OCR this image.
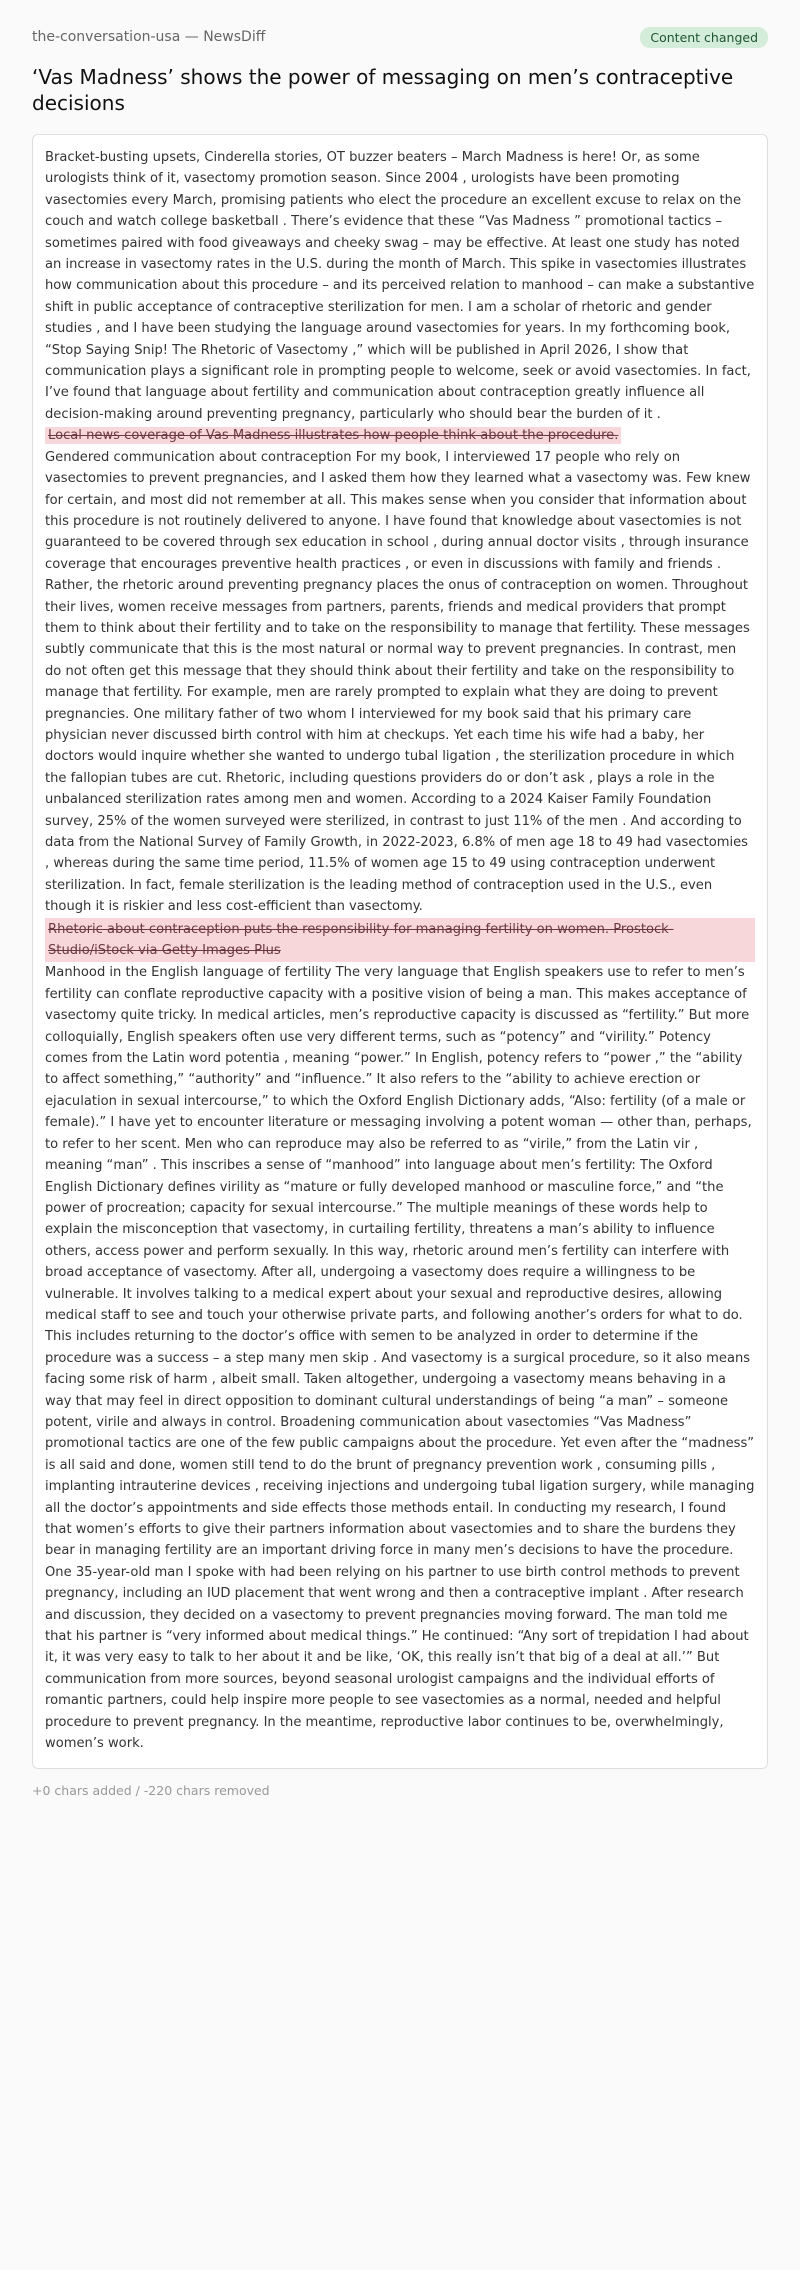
the-conversation-usa — NewsDiff	Content changed
‘Vas Madness’ shows the power of messaging on men’s contraceptive decisions

Bracket-busting upsets, Cinderella stories, OT buzzer beaters – March Madness is here! Or, as some urologists think of it, vasectomy promotion season. Since 2004 , urologists have been promoting vasectomies every March, promising patients who elect the procedure an excellent excuse to relax on the couch and watch college basketball . There’s evidence that these “Vas Madness ” promotional tactics – sometimes paired with food giveaways and cheeky swag – may be effective. At least one study has noted an increase in vasectomy rates in the U.S. during the month of March. This spike in vasectomies illustrates how communication about this procedure – and its perceived relation to manhood – can make a substantive shift in public acceptance of contraceptive sterilization for men. I am a scholar of rhetoric and gender studies , and I have been studying the language around vasectomies for years. In my forthcoming book, “Stop Saying Snip! The Rhetoric of Vasectomy ,” which will be published in April 2026, I show that communication plays a significant role in prompting people to welcome, seek or avoid vasectomies. In fact, I’ve found that language about fertility and communication about contraception greatly influence all decision-making around preventing pregnancy, particularly who should bear the burden of it .

Local news coverage of Vas Madness illustrates how people think about the procedure.

Gendered communication about contraception For my book, I interviewed 17 people who rely on vasectomies to prevent pregnancies, and I asked them how they learned what a vasectomy was. Few knew for certain, and most did not remember at all. This makes sense when you consider that information about this procedure is not routinely delivered to anyone. I have found that knowledge about vasectomies is not guaranteed to be covered through sex education in school , during annual doctor visits , through insurance coverage that encourages preventive health practices , or even in discussions with family and friends . Rather, the rhetoric around preventing pregnancy places the onus of contraception on women. Throughout their lives, women receive messages from partners, parents, friends and medical providers that prompt them to think about their fertility and to take on the responsibility to manage that fertility. These messages subtly communicate that this is the most natural or normal way to prevent pregnancies. In contrast, men do not often get this message that they should think about their fertility and take on the responsibility to manage that fertility. For example, men are rarely prompted to explain what they are doing to prevent pregnancies. One military father of two whom I interviewed for my book said that his primary care physician never discussed birth control with him at checkups. Yet each time his wife had a baby, her doctors would inquire whether she wanted to undergo tubal ligation , the sterilization procedure in which the fallopian tubes are cut. Rhetoric, including questions providers do or don’t ask , plays a role in the unbalanced sterilization rates among men and women. According to a 2024 Kaiser Family Foundation survey, 25% of the women surveyed were sterilized, in contrast to just 11% of the men . And according to data from the National Survey of Family Growth, in 2022-2023, 6.8% of men age 18 to 49 had vasectomies , whereas during the same time period, 11.5% of women age 15 to 49 using contraception underwent sterilization. In fact, female sterilization is the leading method of contraception used in the U.S., even though it is riskier and less cost-efficient than vasectomy.

Rhetoric about contraception puts the responsibility for managing fertility on women. Prostock-Studio/iStock via Getty Images Plus

Manhood in the English language of fertility The very language that English speakers use to refer to men’s fertility can conflate reproductive capacity with a positive vision of being a man. This makes acceptance of vasectomy quite tricky. In medical articles, men’s reproductive capacity is discussed as “fertility.” But more colloquially, English speakers often use very different terms, such as “potency” and “virility.” Potency comes from the Latin word potentia , meaning “power.” In English, potency refers to “power ,” the “ability to affect something,” “authority” and “influence.” It also refers to the “ability to achieve erection or ejaculation in sexual intercourse,” to which the Oxford English Dictionary adds, “Also: fertility (of a male or female).” I have yet to encounter literature or messaging involving a potent woman — other than, perhaps, to refer to her scent. Men who can reproduce may also be referred to as “virile,” from the Latin vir , meaning “man” . This inscribes a sense of “manhood” into language about men’s fertility: The Oxford English Dictionary defines virility as “mature or fully developed manhood or masculine force,” and “the power of procreation; capacity for sexual intercourse.” The multiple meanings of these words help to explain the misconception that vasectomy, in curtailing fertility, threatens a man’s ability to influence others, access power and perform sexually. In this way, rhetoric around men’s fertility can interfere with broad acceptance of vasectomy. After all, undergoing a vasectomy does require a willingness to be vulnerable. It involves talking to a medical expert about your sexual and reproductive desires, allowing medical staff to see and touch your otherwise private parts, and following another’s orders for what to do. This includes returning to the doctor’s office with semen to be analyzed in order to determine if the procedure was a success – a step many men skip . And vasectomy is a surgical procedure, so it also means facing some risk of harm , albeit small. Taken altogether, undergoing a vasectomy means behaving in a way that may feel in direct opposition to dominant cultural understandings of being “a man” – someone potent, virile and always in control. Broadening communication about vasectomies “Vas Madness” promotional tactics are one of the few public campaigns about the procedure. Yet even after the “madness” is all said and done, women still tend to do the brunt of pregnancy prevention work , consuming pills , implanting intrauterine devices , receiving injections and undergoing tubal ligation surgery, while managing all the doctor’s appointments and side effects those methods entail. In conducting my research, I found that women’s efforts to give their partners information about vasectomies and to share the burdens they bear in managing fertility are an important driving force in many men’s decisions to have the procedure. One 35-year-old man I spoke with had been relying on his partner to use birth control methods to prevent pregnancy, including an IUD placement that went wrong and then a contraceptive implant . After research and discussion, they decided on a vasectomy to prevent pregnancies moving forward. The man told me that his partner is “very informed about medical things.” He continued: “Any sort of trepidation I had about it, it was very easy to talk to her about it and be like, ‘OK, this really isn’t that big of a deal at all.’” But communication from more sources, beyond seasonal urologist campaigns and the individual efforts of romantic partners, could help inspire more people to see vasectomies as a normal, needed and helpful procedure to prevent pregnancy. In the meantime, reproductive labor continues to be, overwhelmingly, women’s work.

+0 chars added / -220 chars removed
